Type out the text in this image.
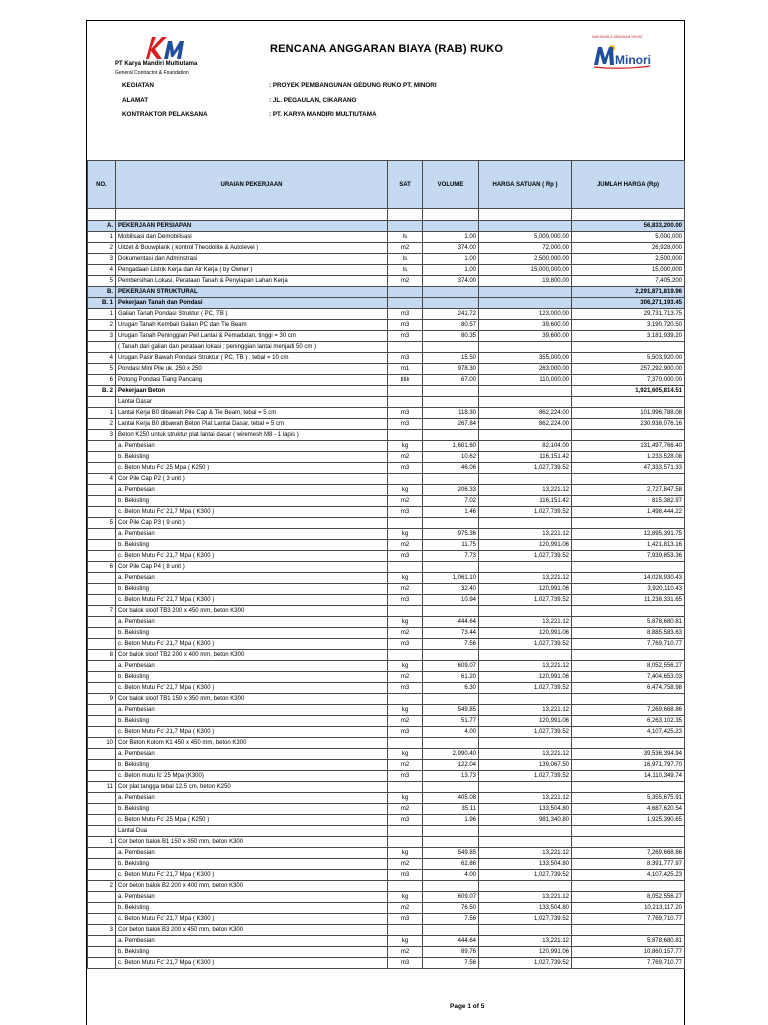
KM
PT Karya Mandiri Multiutama
General Contractor & Foundation
RENCANA ANGGARAN BIAYA (RAB) RUKO
MAKANAN & MINUMAN SEHAT
Minori
KEGIATAN	: PROYEK PEMBANGUNAN GEDUNG RUKO PT. MINORI
ALAMAT	: JL. PEGAULAN, CIKARANG
KONTRAKTOR PELAKSANA	: PT. KARYA MANDIRI MULTIUTAMA
NO.	URAIAN PEKERJAAN	SAT	VOLUME	HARGA SATUAN ( Rp )	JUMLAH HARGA (Rp)

A.	PEKERJAAN PERSIAPAN				56,833,200.00
1	Mobilisasi dan Demobilisasi	ls	1.00	5,000,000.00	5,000,000
2	Uitzet & Bouwplank ( kontrol Theodolite & Autolevel )	m2	374.00	72,000.00	26,928,000
3	Dokumentasi dan Adminstrasi	ls	1.00	2,500,000.00	2,500,000
4	Pengadaan Listrik Kerja dan Air Kerja ( by Owner )	ls	1.00	15,000,000.00	15,000,000
5	Pembersihan Lokasi, Perataan Tanah & Penyiapan Lahan Kerja	m2	374.00	19,800.00	7,405,200
B.	PEKERJAAN STRUKTURAL				2,291,871,819.96
B. 1	Pekerjaan Tanah dan Pondasi				306,271,193.45
1	Galian Tanah Pondasi Struktur ( PC, TB )	m3	241.72	123,000.00	29,731,713.75
2	Urugan Tanah Kembali Galian PC dan Tie Beam	m3	80.57	39,600.00	3,190,720.50
3	Urugan Tanah Peninggian Peil Lantai & Pemadatan, tinggi = 30 cm	m3	80.35	39,600.00	3,181,939.20
	( Tanah dari galian dan perataan lokasi ; peninggian lantai menjadi 50 cm )				
4	Urugan Pasir Bawah Pondasi Struktur ( PC, TB ) , tebal = 10 cm	m3	15.50	355,000.00	5,503,920.00
5	Pondasi Mini Pile uk. 250 x 250	m1	978.30	263,000.00	257,292,900.00
6	Potong Pondasi Tiang Pancang	titik	67.00	110,000.00	7,370,000.00
B. 2	Pekerjaan Beton				1,921,605,814.51
	Lantai Dasar				
1	Lantai Kerja B0 dibawah Pile Cap & Tie Beam, tebal = 5 cm	m3	118.30	862,224.00	101,996,788.08
2	Lantai Kerja B0 dibawah Beton Plat Lantai Dasar, tebal = 5 cm	m3	267.84	862,224.00	230,938,076.16
3	Beton K250 untuk struktur plat lantai dasar ( wiremesh M8 - 1 lapis )				
	a. Pembesian	kg	1,601.60	82,104.00	131,497,766.40
	b. Bekisting	m2	10.62	116,151.42	1,233,528.08
	c. Beton Mutu Fc' 25 Mpa ( K250 )	m3	46.06	1,027,739.52	47,333,571.33
4	Cor Pile Cap P2 ( 3 unit )				
	a. Pembesian	kg	206.33	13,221.12	2,727,847.58
	b. Bekisting	m2	7.02	116,151.42	815,382.97
	c. Beton Mutu Fc' 21,7 Mpa ( K300 )	m3	1.46	1,027,739.52	1,498,444.22
5	Cor Pile Cap P3 ( 9 unit )				
	a. Pembesian	kg	975.36	13,221.12	12,895,391.75
	b. Bekisting	m2	11.75	120,991.06	1,421,813.16
	c. Beton Mutu Fc' 21,7 Mpa ( K300 )	m3	7.73	1,027,739.52	7,939,853.36
6	Cor Pile Cap P4 ( 8 unit )				
	a. Pembesian	kg	1,061.10	13,221.12	14,028,930.43
	b. Bekisting	m2	32.40	120,991.06	3,920,110.43
	c. Beton Mutu Fc' 21,7 Mpa ( K300 )	m3	10.94	1,027,739.52	11,238,331.65
7	Cor balok sloof TB3 200 x 450 mm, beton K300				
	a. Pembesian	kg	444.64	13,221.12	5,878,680.81
	b. Bekisting	m2	73.44	120,991.06	8,885,583.63
	c. Beton Mutu Fc' 21,7 Mpa ( K300 )	m3	7.56	1,027,739.52	7,769,710.77
8	Cor balok sloof TB2 200 x 400 mm, beton K300				
	a. Pembesian	kg	609.07	13,221.12	8,052,556.27
	b. Bekisting	m2	61.20	120,991.06	7,404,653.03
	c. Beton Mutu Fc' 21,7 Mpa ( K300 )	m3	6.30	1,027,739.52	6,474,758.98
9	Cor balok sloof TB1 150 x 350 mm, beton K300				
	a. Pembesian	kg	549.85	13,221.12	7,269,668.86
	b. Bekisting	m2	51.77	120,991.06	6,263,102.35
	c. Beton Mutu Fc' 21,7 Mpa ( K300 )	m3	4.00	1,027,739.52	4,107,425.23
10	Cor Beton Kolom K1 450 x 450 mm, beton K300				
	a. Pembesian	kg	2,990.40	13,221.12	39,536,394.94
	b. Bekisting	m2	122.04	139,067.50	16,971,797.70
	c. Beton mutu fc' 25 Mpa (K300)	m3	13.73	1,027,739.52	14,110,349.74
11	Cor plat tangga tebal 12,5 cm, beton K250				
	a. Pembesian	kg	405.08	13,221.12	5,355,675.91
	b. Bekisting	m2	35.11	133,504.80	4,687,620.54
	c. Beton Mutu Fc' 25 Mpa ( K250 )	m3	1.96	981,340.80	1,925,390.65
	Lantai Dua				
1	Cor beton balok B1 150 x 350 mm, beton K300				
	a. Pembesian	kg	549.85	13,221.12	7,269,668.86
	b. Bekisting	m2	62.86	133,504.80	8,391,777.97
	c. Beton Mutu Fc' 21,7 Mpa ( K300 )	m3	4.00	1,027,739.52	4,107,425.23
2	Cor beton balok B2 200 x 400 mm, beton K300				
	a. Pembesian	kg	609.07	13,221.12	8,052,556.27
	b. Bekisting	m2	76.50	133,504.80	10,213,117.20
	c. Beton Mutu Fc' 21,7 Mpa ( K300 )	m3	7.56	1,027,739.52	7,769,710.77
3	Cor beton balok B3 200 x 450 mm, beton K300				
	a. Pembesian	kg	444.64	13,221.12	5,878,680.81
	b. Bekisting	m2	89.76	120,991.06	10,860,157.77
	c. Beton Mutu Fc' 21,7 Mpa ( K300 )	m3	7.56	1,027,739.52	7,769,710.77
Page 1 of 5
